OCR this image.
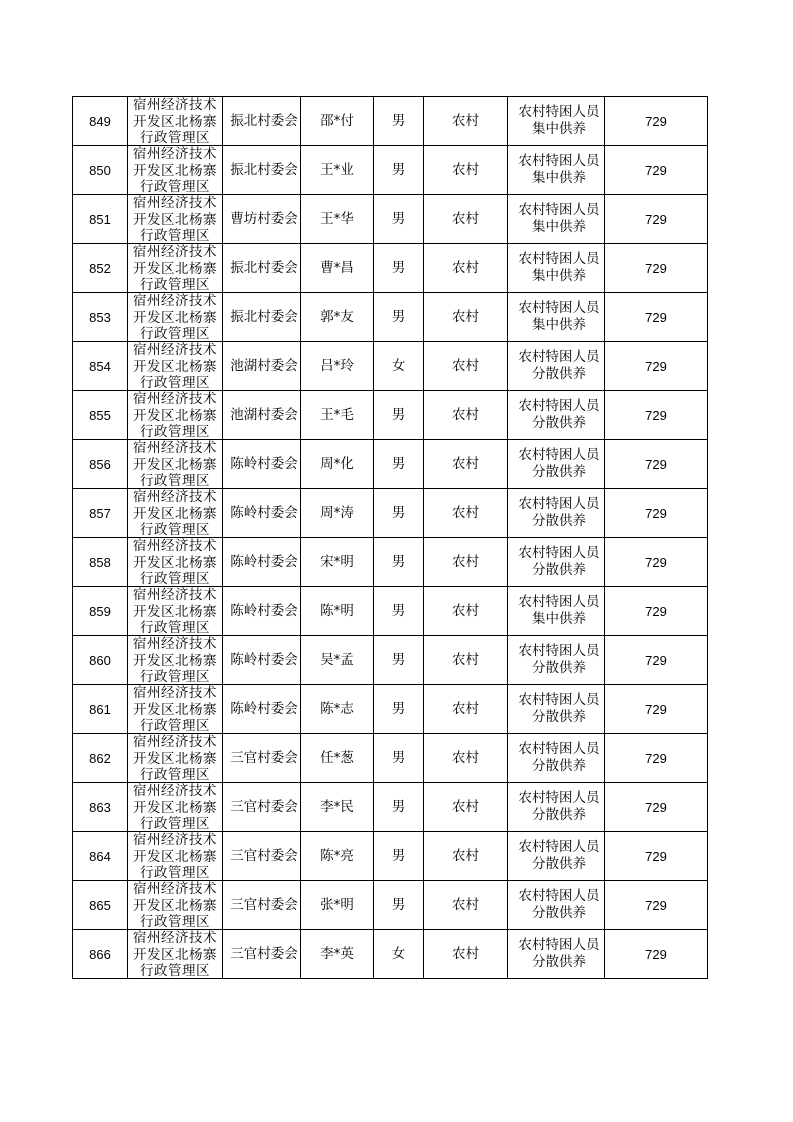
849	宿州经济技术
开发区北杨寨
行政管理区	振北村委会	邵*付	男	农村	农村特困人员集中供养	729
850	宿州经济技术
开发区北杨寨
行政管理区	振北村委会	王*业	男	农村	农村特困人员集中供养	729
851	宿州经济技术
开发区北杨寨
行政管理区	曹坊村委会	王*华	男	农村	农村特困人员集中供养	729
852	宿州经济技术
开发区北杨寨
行政管理区	振北村委会	曹*昌	男	农村	农村特困人员集中供养	729
853	宿州经济技术
开发区北杨寨
行政管理区	振北村委会	郭*友	男	农村	农村特困人员集中供养	729
854	宿州经济技术
开发区北杨寨
行政管理区	池湖村委会	吕*玲	女	农村	农村特困人员分散供养	729
855	宿州经济技术
开发区北杨寨
行政管理区	池湖村委会	王*毛	男	农村	农村特困人员分散供养	729
856	宿州经济技术
开发区北杨寨
行政管理区	陈岭村委会	周*化	男	农村	农村特困人员分散供养	729
857	宿州经济技术
开发区北杨寨
行政管理区	陈岭村委会	周*涛	男	农村	农村特困人员分散供养	729
858	宿州经济技术
开发区北杨寨
行政管理区	陈岭村委会	宋*明	男	农村	农村特困人员分散供养	729
859	宿州经济技术
开发区北杨寨
行政管理区	陈岭村委会	陈*明	男	农村	农村特困人员集中供养	729
860	宿州经济技术
开发区北杨寨
行政管理区	陈岭村委会	吴*孟	男	农村	农村特困人员分散供养	729
861	宿州经济技术
开发区北杨寨
行政管理区	陈岭村委会	陈*志	男	农村	农村特困人员分散供养	729
862	宿州经济技术
开发区北杨寨
行政管理区	三官村委会	任*葱	男	农村	农村特困人员分散供养	729
863	宿州经济技术
开发区北杨寨
行政管理区	三官村委会	李*民	男	农村	农村特困人员分散供养	729
864	宿州经济技术
开发区北杨寨
行政管理区	三官村委会	陈*亮	男	农村	农村特困人员分散供养	729
865	宿州经济技术
开发区北杨寨
行政管理区	三官村委会	张*明	男	农村	农村特困人员分散供养	729
866	宿州经济技术
开发区北杨寨
行政管理区	三官村委会	李*英	女	农村	农村特困人员分散供养	729
